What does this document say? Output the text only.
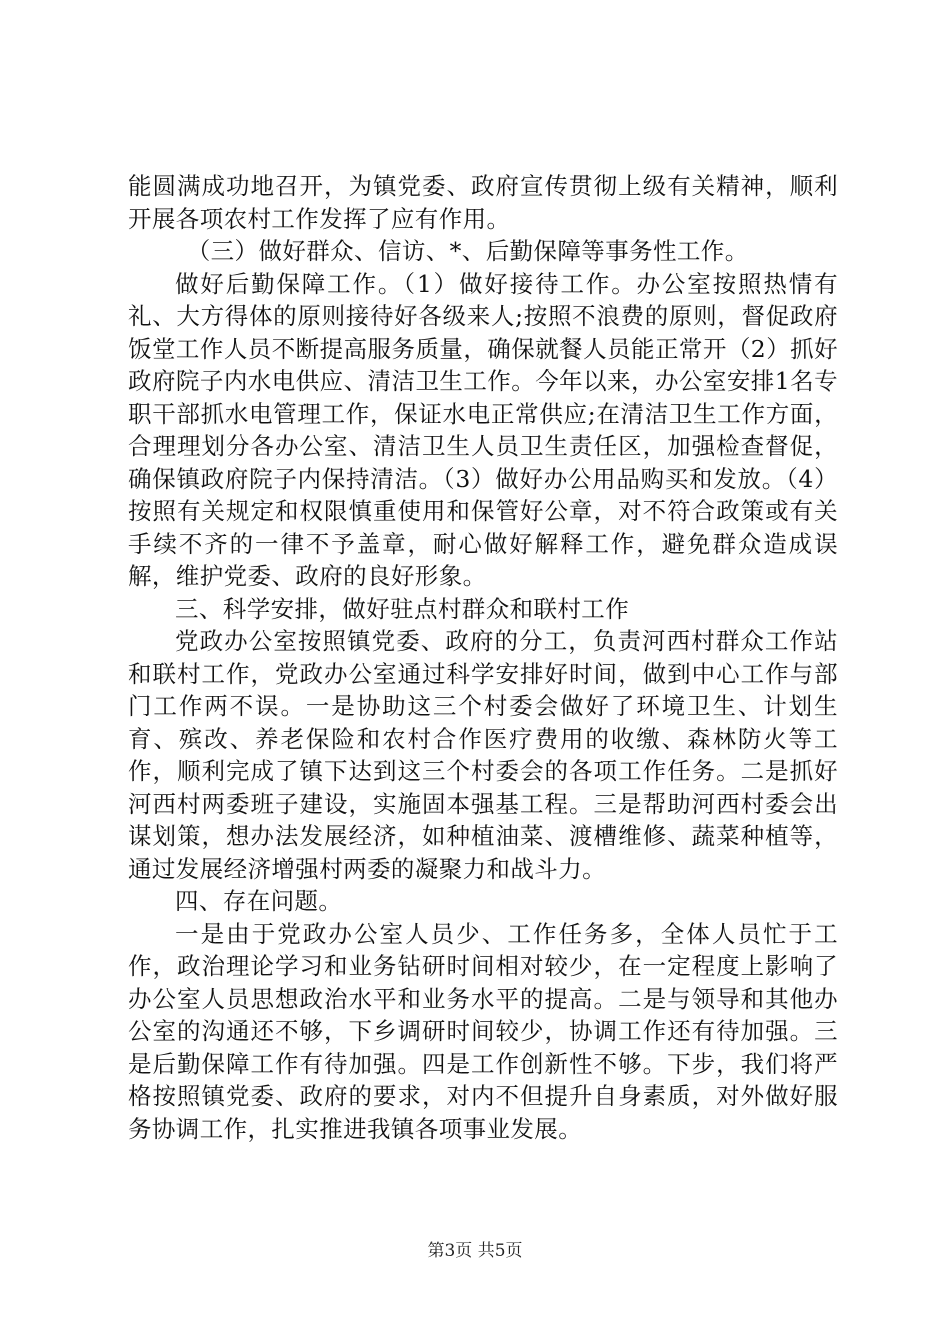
能圆满成功地召开，为镇党委、政府宣传贯彻上级有关精神，顺利开展各项农村工作发挥了应有作用。

（三）做好群众、信访、*、后勤保障等事务性工作。

做好后勤保障工作。（1）做好接待工作。办公室按照热情有礼、大方得体的原则接待好各级来人;按照不浪费的原则，督促政府饭堂工作人员不断提高服务质量，确保就餐人员能正常开（2）抓好政府院子内水电供应、清洁卫生工作。今年以来，办公室安排1名专职干部抓水电管理工作，保证水电正常供应;在清洁卫生工作方面，合理理划分各办公室、清洁卫生人员卫生责任区，加强检查督促，确保镇政府院子内保持清洁。（3）做好办公用品购买和发放。（4）按照有关规定和权限慎重使用和保管好公章，对不符合政策或有关手续不齐的一律不予盖章，耐心做好解释工作，避免群众造成误解，维护党委、政府的良好形象。

三、科学安排，做好驻点村群众和联村工作

党政办公室按照镇党委、政府的分工，负责河西村群众工作站和联村工作，党政办公室通过科学安排好时间，做到中心工作与部门工作两不误。一是协助这三个村委会做好了环境卫生、计划生育、殡改、养老保险和农村合作医疗费用的收缴、森林防火等工作，顺利完成了镇下达到这三个村委会的各项工作任务。二是抓好河西村两委班子建设，实施固本强基工程。三是帮助河西村委会出谋划策，想办法发展经济，如种植油菜、渡槽维修、蔬菜种植等，通过发展经济增强村两委的凝聚力和战斗力。

四、存在问题。

一是由于党政办公室人员少、工作任务多，全体人员忙于工作，政治理论学习和业务钻研时间相对较少，在一定程度上影响了办公室人员思想政治水平和业务水平的提高。二是与领导和其他办公室的沟通还不够，下乡调研时间较少，协调工作还有待加强。三是后勤保障工作有待加强。四是工作创新性不够。下步，我们将严格按照镇党委、政府的要求，对内不但提升自身素质，对外做好服务协调工作，扎实推进我镇各项事业发展。

第3页 共5页
